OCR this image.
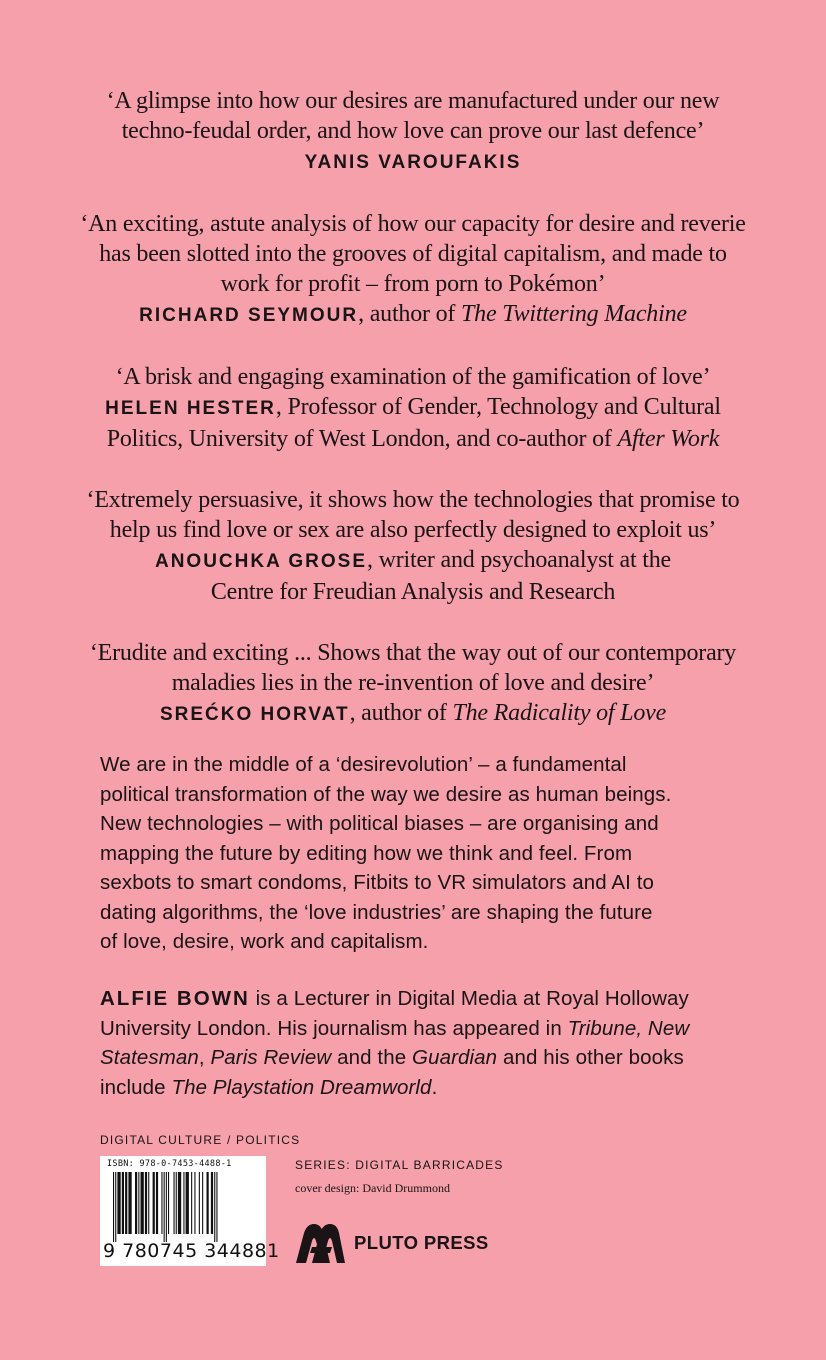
‘A glimpse into how our desires are manufactured under our new
techno-feudal order, and how love can prove our last defence’
YANIS VAROUFAKIS
‘An exciting, astute analysis of how our capacity for desire and reverie
has been slotted into the grooves of digital capitalism, and made to
work for profit – from porn to Pokémon’
RICHARD SEYMOUR, author of The Twittering Machine
‘A brisk and engaging examination of the gamification of love’
HELEN HESTER, Professor of Gender, Technology and Cultural
Politics, University of West London, and co-author of After Work
‘Extremely persuasive, it shows how the technologies that promise to
help us find love or sex are also perfectly designed to exploit us’
ANOUCHKA GROSE, writer and psychoanalyst at the
Centre for Freudian Analysis and Research
‘Erudite and exciting ... Shows that the way out of our contemporary
maladies lies in the re-invention of love and desire’
SREĆKO HORVAT, author of The Radicality of Love
We are in the middle of a ‘desirevolution’ – a fundamental
political transformation of the way we desire as human beings.
New technologies – with political biases – are organising and
mapping the future by editing how we think and feel. From
sexbots to smart condoms, Fitbits to VR simulators and AI to
dating algorithms, the ‘love industries’ are shaping the future
of love, desire, work and capitalism.
ALFIE BOWN is a Lecturer in Digital Media at Royal Holloway
University London. His journalism has appeared in Tribune, New
Statesman, Paris Review and the Guardian and his other books
include The Playstation Dreamworld.
DIGITAL CULTURE / POLITICS
ISBN: 978-0-7453-4488-1
9 780745 344881
SERIES: DIGITAL BARRICADES
cover design: David Drummond
PLUTO PRESS
